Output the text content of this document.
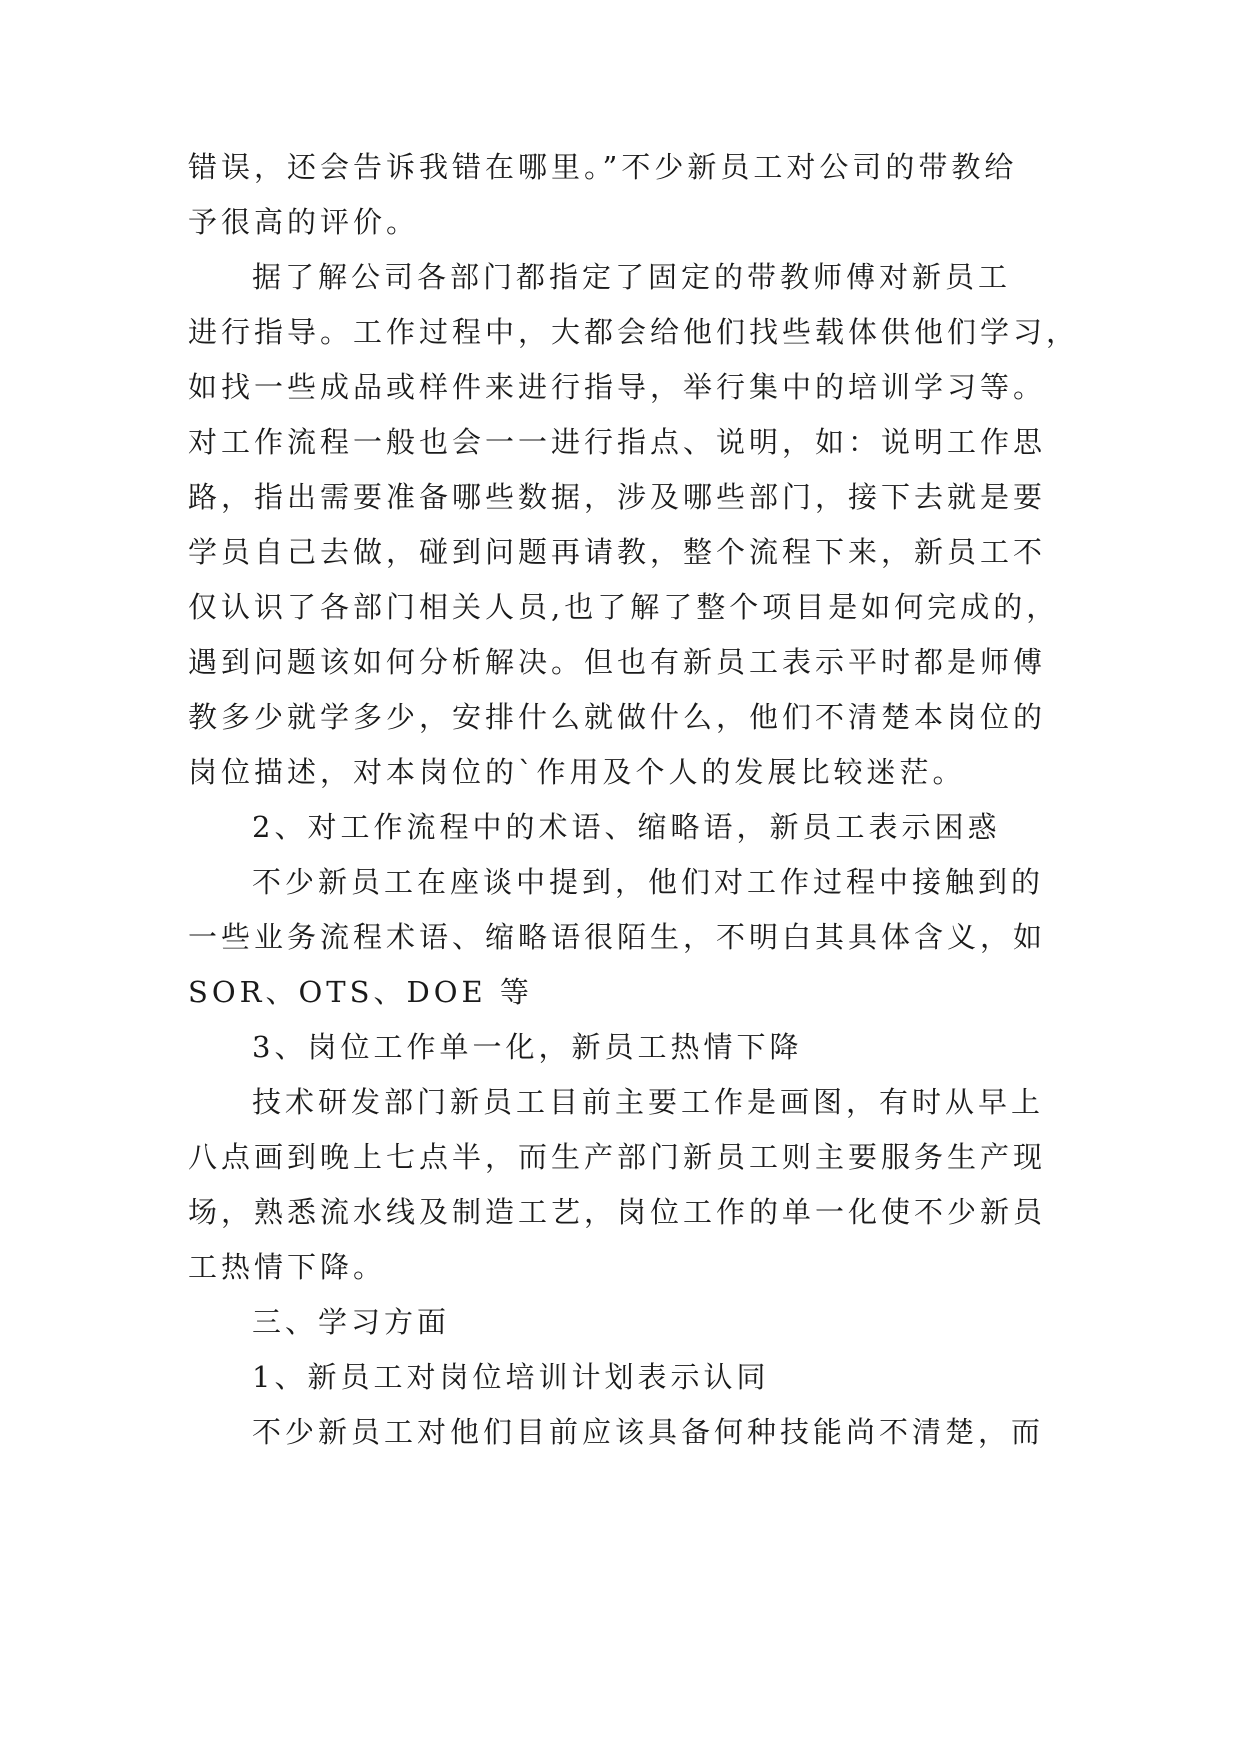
错误，还会告诉我错在哪里。”不少新员工对公司的带教给
予很高的评价。
据了解公司各部门都指定了固定的带教师傅对新员工
进行指导。工作过程中，大都会给他们找些载体供他们学习，
如找一些成品或样件来进行指导，举行集中的培训学习等。
对工作流程一般也会一一进行指点、说明，如：说明工作思
路，指出需要准备哪些数据，涉及哪些部门，接下去就是要
学员自己去做，碰到问题再请教，整个流程下来，新员工不
仅认识了各部门相关人员,也了解了整个项目是如何完成的，
遇到问题该如何分析解决。但也有新员工表示平时都是师傅
教多少就学多少，安排什么就做什么，他们不清楚本岗位的
岗位描述，对本岗位的`作用及个人的发展比较迷茫。
2、对工作流程中的术语、缩略语，新员工表示困惑
不少新员工在座谈中提到，他们对工作过程中接触到的
一些业务流程术语、缩略语很陌生，不明白其具体含义，如
SOR、OTS、DOE 等
3、岗位工作单一化，新员工热情下降
技术研发部门新员工目前主要工作是画图，有时从早上
八点画到晚上七点半，而生产部门新员工则主要服务生产现
场，熟悉流水线及制造工艺，岗位工作的单一化使不少新员
工热情下降。
三、学习方面
1、新员工对岗位培训计划表示认同
不少新员工对他们目前应该具备何种技能尚不清楚，而
